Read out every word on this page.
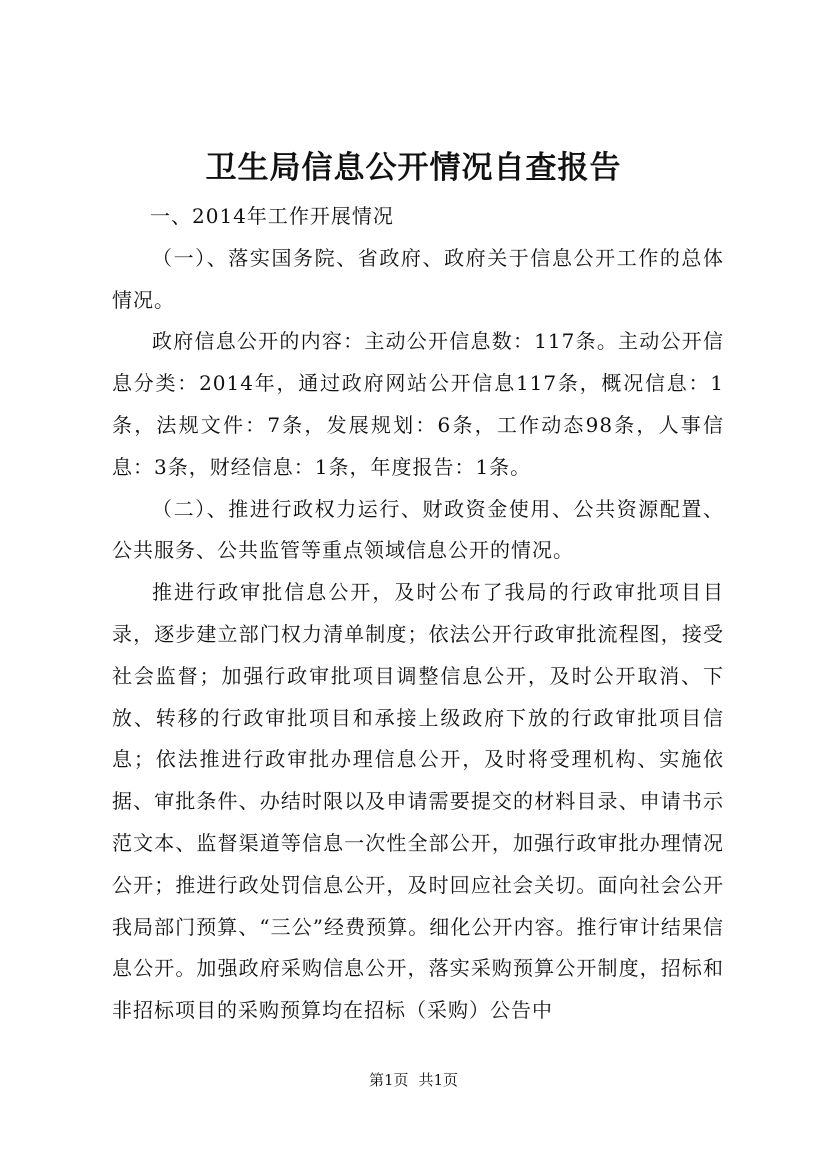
卫生局信息公开情况自查报告

一、2014年工作开展情况

（一）、落实国务院、省政府、政府关于信息公开工作的总体情况。

政府信息公开的内容：主动公开信息数：117条。主动公开信息分类：2014年，通过政府网站公开信息117条，概况信息：1条，法规文件：7条，发展规划：6条，工作动态98条，人事信息：3条，财经信息：1条，年度报告：1条。

（二）、推进行政权力运行、财政资金使用、公共资源配置、公共服务、公共监管等重点领域信息公开的情况。

推进行政审批信息公开，及时公布了我局的行政审批项目目录，逐步建立部门权力清单制度；依法公开行政审批流程图，接受社会监督；加强行政审批项目调整信息公开，及时公开取消、下放、转移的行政审批项目和承接上级政府下放的行政审批项目信息；依法推进行政审批办理信息公开，及时将受理机构、实施依据、审批条件、办结时限以及申请需要提交的材料目录、申请书示范文本、监督渠道等信息一次性全部公开，加强行政审批办理情况公开；推进行政处罚信息公开，及时回应社会关切。面向社会公开我局部门预算、“三公”经费预算。细化公开内容。推行审计结果信息公开。加强政府采购信息公开，落实采购预算公开制度，招标和非招标项目的采购预算均在招标（采购）公告中

第1页 共1页
